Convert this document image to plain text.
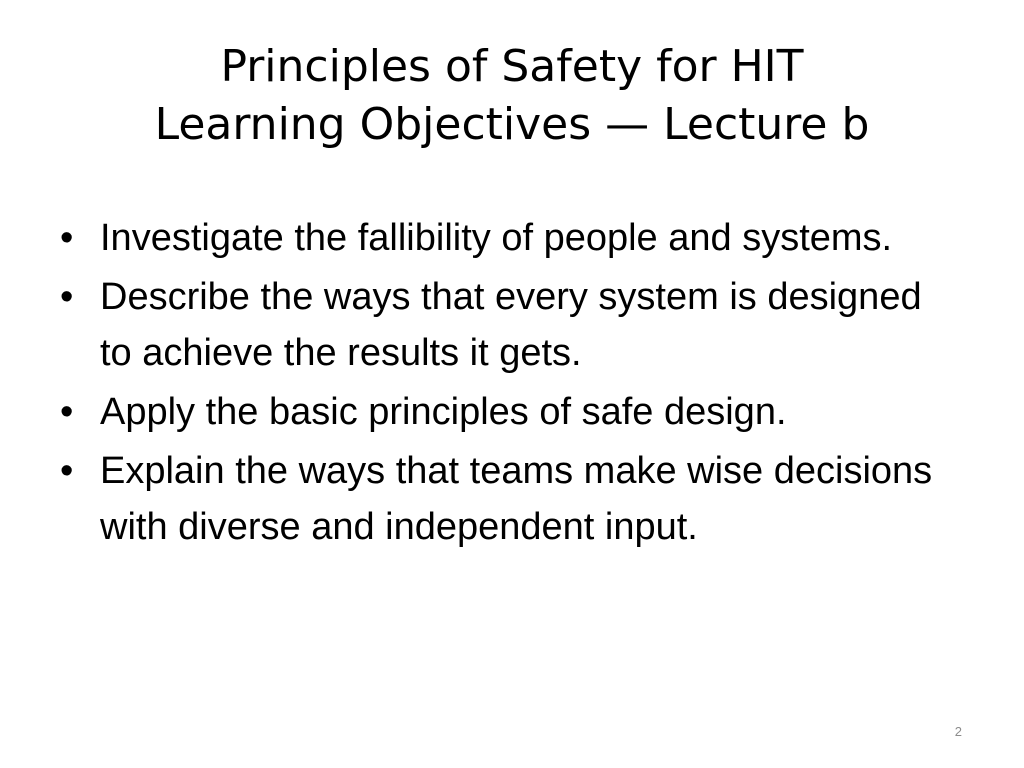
Principles of Safety for HIT
Learning Objectives — Lecture b
• Investigate the fallibility of people and systems.
• Describe the ways that every system is designed to achieve the results it gets.
• Apply the basic principles of safe design.
• Explain the ways that teams make wise decisions with diverse and independent input.
2
